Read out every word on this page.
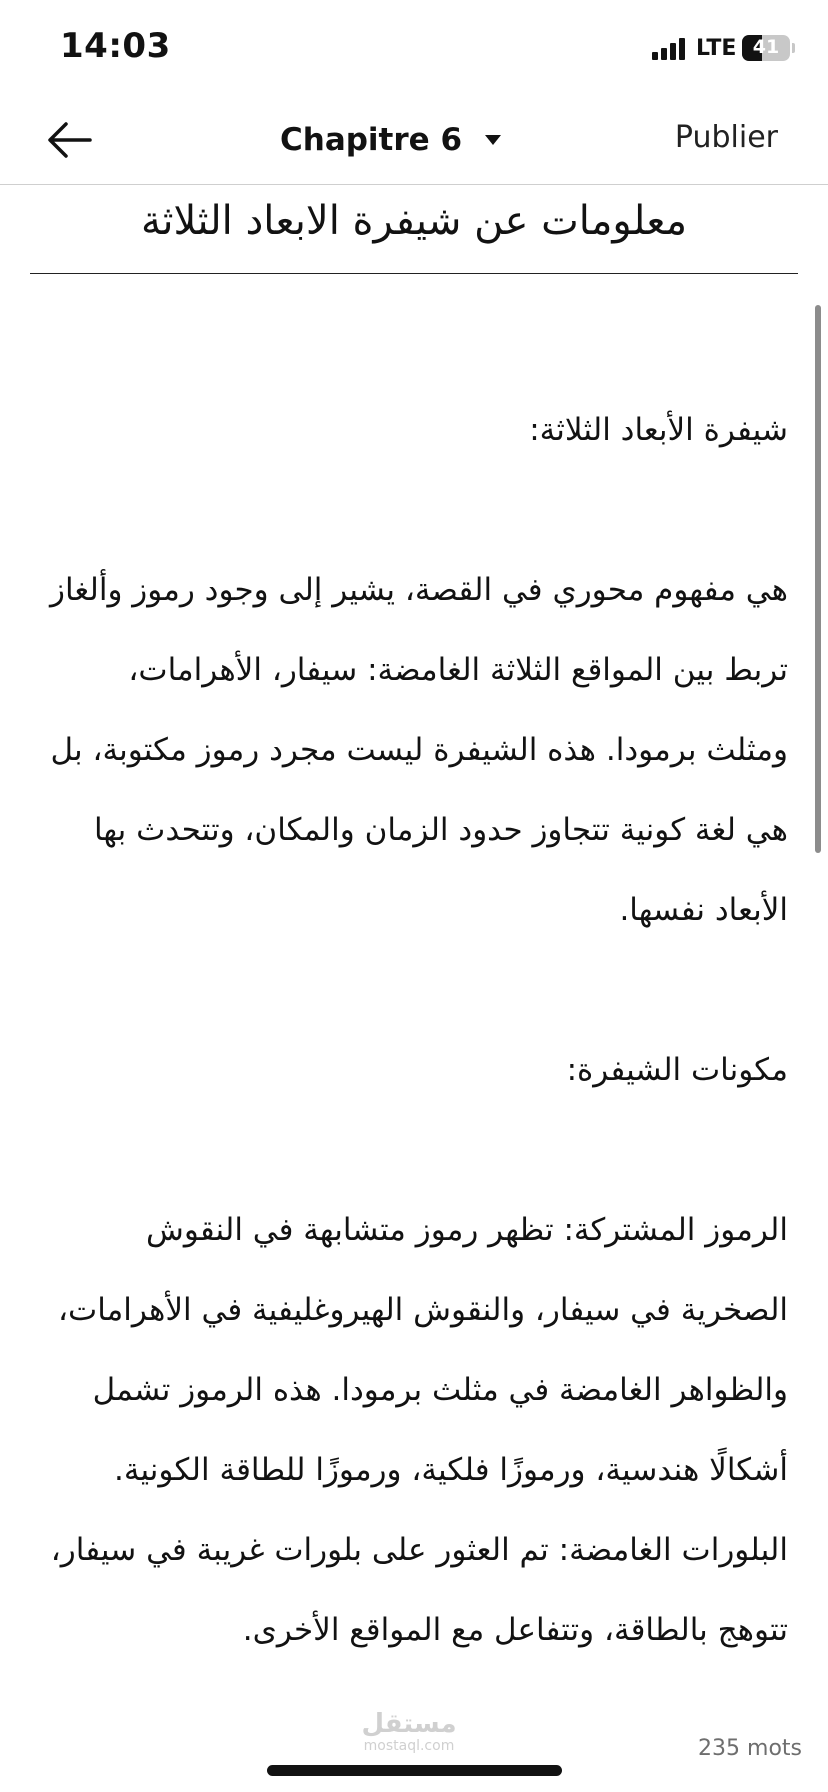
14:03	LTE 41
Chapitre 6	Publier

معلومات عن شيفرة الابعاد الثلاثة

شيفرة الأبعاد الثلاثة:

هي مفهوم محوري في القصة، يشير إلى وجود رموز وألغاز تربط بين المواقع الثلاثة الغامضة: سيفار، الأهرامات، ومثلث برمودا. هذه الشيفرة ليست مجرد رموز مكتوبة، بل هي لغة كونية تتجاوز حدود الزمان والمكان، وتتحدث بها الأبعاد نفسها.

مكونات الشيفرة:

الرموز المشتركة: تظهر رموز متشابهة في النقوش الصخرية في سيفار، والنقوش الهيروغليفية في الأهرامات، والظواهر الغامضة في مثلث برمودا. هذه الرموز تشمل أشكالًا هندسية، ورموزًا فلكية، ورموزًا للطاقة الكونية.

البلورات الغامضة: تم العثور على بلورات غريبة في سيفار، تتوهج بالطاقة، وتتفاعل مع المواقع الأخرى.

مستقل
mostaql.com	235 mots
